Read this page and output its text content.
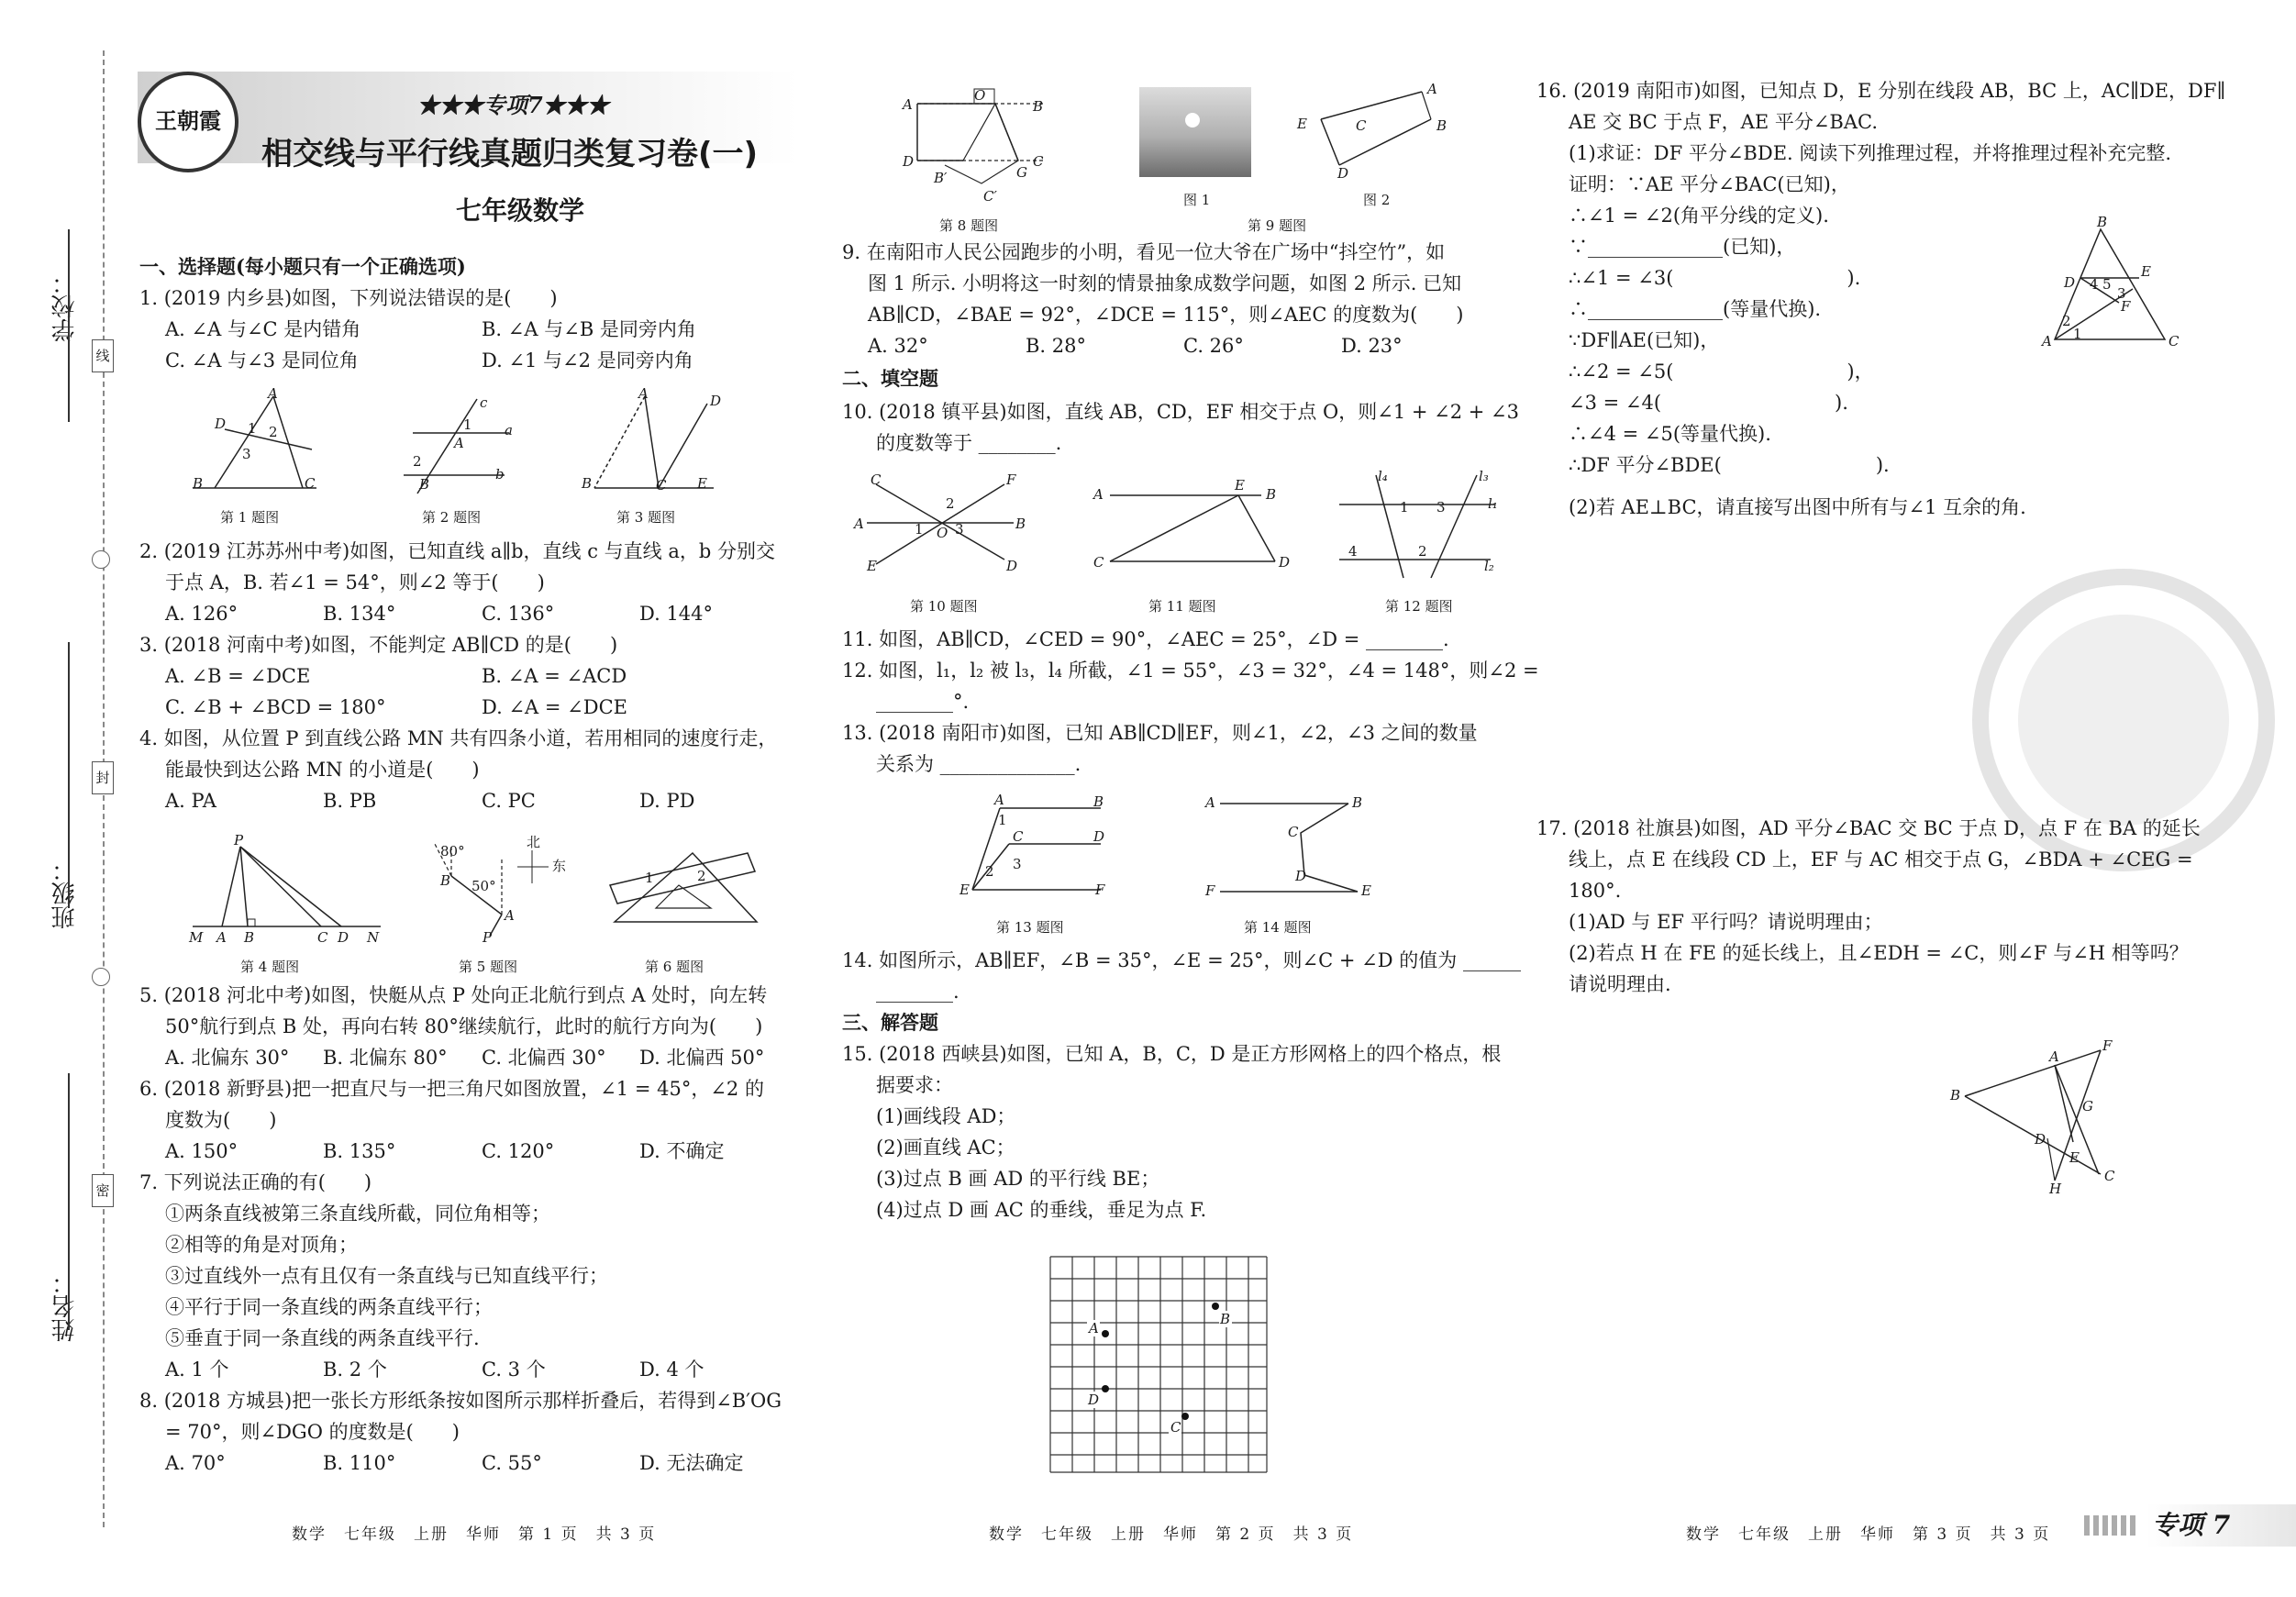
学校：
班级：
姓名：
线
封
密
王朝霞
★★★专项7★★★
相交线与平行线真题归类复习卷(一)
七年级数学
一、选择题(每小题只有一个正确选项)
1. (2019 内乡县)如图，下列说法错误的是(　　)
A. ∠A 与∠C 是内错角	B. ∠A 与∠B 是同旁内角
C. ∠A 与∠3 是同位角	D. ∠1 与∠2 是同旁内角
A
D 1 2
3
B	C
c
a
b
1
A
2
B
A	D
B	C E
第 1 题图	第 2 题图	第 3 题图
2. (2019 江苏苏州中考)如图，已知直线 a∥b，直线 c 与直线 a，b 分别交
于点 A，B. 若∠1 = 54°，则∠2 等于(　　)
A. 126°	B. 134°	C. 136°	D. 144°
3. (2018 河南中考)如图，不能判定 AB∥CD 的是(　　)
A. ∠B = ∠DCE	B. ∠A = ∠ACD
C. ∠B + ∠BCD = 180°	D. ∠A = ∠DCE
4. 如图，从位置 P 到直线公路 MN 共有四条小道，若用相同的速度行走，
能最快到达公路 MN 的小道是(　　)
A. PA	B. PB	C. PC	D. PD
P
M A B	C D N
80°
50°
B
A
P
北
东
1	2
第 4 题图	第 5 题图	第 6 题图
5. (2018 河北中考)如图，快艇从点 P 处向正北航行到点 A 处时，向左转
50°航行到点 B 处，再向右转 80°继续航行，此时的航行方向为(　　)
A. 北偏东 30° B. 北偏东 80° C. 北偏西 30° D. 北偏西 50°
6. (2018 新野县)把一把直尺与一把三角尺如图放置，∠1 = 45°，∠2 的
度数为(　　)
A. 150°	B. 135°	C. 120°	D. 不确定
7. 下列说法正确的有(　　)
①两条直线被第三条直线所截，同位角相等；
②相等的角是对顶角；
③过直线外一点有且仅有一条直线与已知直线平行；
④平行于同一条直线的两条直线平行；
⑤垂直于同一条直线的两条直线平行.
A. 1 个	B. 2 个	C. 3 个	D. 4 个
8. (2018 方城县)把一张长方形纸条按如图所示那样折叠后，若得到∠B′OG
= 70°，则∠DGO 的度数是(　　)
A. 70°	B. 110°	C. 55°	D. 无法确定
数学　七年级　上册　华师　第 1 页　共 3 页
A
D
O
B
C
G
B′
C′
A
B
E	C
D
第 8 题图
图 1	图 2
第 9 题图
9. 在南阳市人民公园跑步的小明，看见一位大爷在广场中“抖空竹”，如
图 1 所示. 小明将这一时刻的情景抽象成数学问题，如图 2 所示. 已知
AB∥CD，∠BAE = 92°，∠DCE = 115°，则∠AEC 的度数为(　　)
A. 32°	B. 28°	C. 26°	D. 23°
二、填空题
10. (2018 镇平县)如图，直线 AB，CD，EF 相交于点 O，则∠1 + ∠2 + ∠3
的度数等于 ________.
C	F
A	B
E	D
O
2
1 3
A	B
C	D
E
l₄	l₃
l₁
l₂
1 3
4	2
第 10 题图	第 11 题图	第 12 题图
11. 如图，AB∥CD，∠CED = 90°，∠AEC = 25°，∠D = ________.
12. 如图，l₁，l₂ 被 l₃，l₄ 所截，∠1 = 55°，∠3 = 32°，∠4 = 148°，则∠2 =
________°.
13. (2018 南阳市)如图，已知 AB∥CD∥EF，则∠1，∠2，∠3 之间的数量
关系为 ______________.
A	B
C	D
E	F
1
2 3
A	B
C
D
E
F
第 13 题图	第 14 题图
14. 如图所示，AB∥EF，∠B = 35°，∠E = 25°，则∠C + ∠D 的值为 ______
________.
三、解答题
15. (2018 西峡县)如图，已知 A，B，C，D 是正方形网格上的四个格点，根
据要求：
(1)画线段 AD；
(2)画直线 AC；
(3)过点 B 画 AD 的平行线 BE；
(4)过点 D 画 AC 的垂线，垂足为点 F.
A
B
D
C
数学　七年级　上册　华师　第 2 页　共 3 页
16. (2019 南阳市)如图，已知点 D，E 分别在线段 AB，BC 上，AC∥DE，DF∥
AE 交 BC 于点 F，AE 平分∠BAC.
(1)求证：DF 平分∠BDE. 阅读下列推理过程，并将推理过程补充完整.
证明：∵AE 平分∠BAC(已知)，
∴∠1 = ∠2(角平分线的定义).
∵______________(已知)，
∴∠1 = ∠3(　　　　　　　　　).
∴______________(等量代换).
∵DF∥AE(已知)，
∴∠2 = ∠5(　　　　　　　　　)，
∠3 = ∠4(　　　　　　　　　).
∴∠4 = ∠5(等量代换).
∴DF 平分∠BDE(　　　　　　　　).
(2)若 AE⊥BC，请直接写出图中所有与∠1 互余的角.
B
A	C
D
E
F
4 5
3
2
1
17. (2018 社旗县)如图，AD 平分∠BAC 交 BC 于点 D，点 F 在 BA 的延长
线上，点 E 在线段 CD 上，EF 与 AC 相交于点 G，∠BDA + ∠CEG =
180°.
(1)AD 与 EF 平行吗？请说明理由；
(2)若点 H 在 FE 的延长线上，且∠EDH = ∠C，则∠F 与∠H 相等吗？
请说明理由.
A
F
B
C
G
D
E
H
数学　七年级　上册　华师　第 3 页　共 3 页	专项 7
